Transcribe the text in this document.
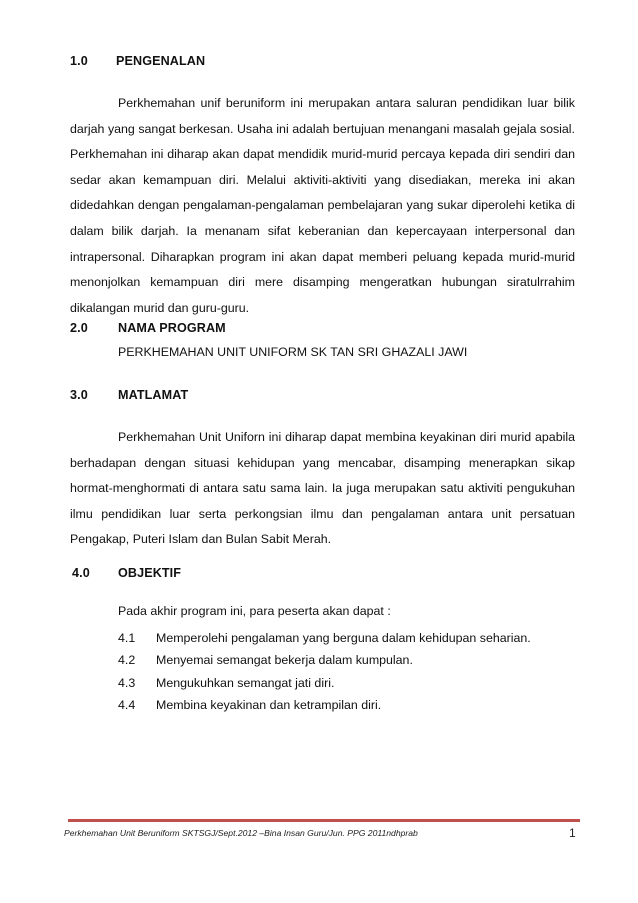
1.0 PENGENALAN

Perkhemahan unif beruniform ini merupakan antara saluran pendidikan luar bilik darjah yang sangat berkesan. Usaha ini adalah bertujuan menangani masalah gejala sosial. Perkhemahan ini diharap akan dapat mendidik murid-murid percaya kepada diri sendiri dan sedar akan kemampuan diri. Melalui aktiviti-aktiviti yang disediakan, mereka ini akan didedahkan dengan pengalaman-pengalaman pembelajaran yang sukar diperolehi ketika di dalam bilik darjah. Ia menanam sifat keberanian dan kepercayaan interpersonal dan intrapersonal. Diharapkan program ini akan dapat memberi peluang kepada murid-murid menonjolkan kemampuan diri mere disamping mengeratkan hubungan siratulrrahim dikalangan murid dan guru-guru.

2.0 NAMA PROGRAM
PERKHEMAHAN UNIT UNIFORM SK TAN SRI GHAZALI JAWI
3.0 MATLAMAT

Perkhemahan Unit Uniforn ini diharap dapat membina keyakinan diri murid apabila berhadapan dengan situasi kehidupan yang mencabar, disamping menerapkan sikap hormat-menghormati di antara satu sama lain. Ia juga merupakan satu aktiviti pengukuhan ilmu pendidikan luar serta perkongsian ilmu dan pengalaman antara unit persatuan Pengakap, Puteri Islam dan Bulan Sabit Merah.

4.0 OBJEKTIF
Pada akhir program ini, para peserta akan dapat :
4.1 Memperolehi pengalaman yang berguna dalam kehidupan seharian.
4.2 Menyemai semangat bekerja dalam kumpulan.
4.3 Mengukuhkan semangat jati diri.
4.4 Membina keyakinan dan ketrampilan diri.
Perkhemahan Unit Beruniform SKTSGJ/Sept.2012 –Bina Insan Guru/Jun. PPG 2011ndhprab	1
